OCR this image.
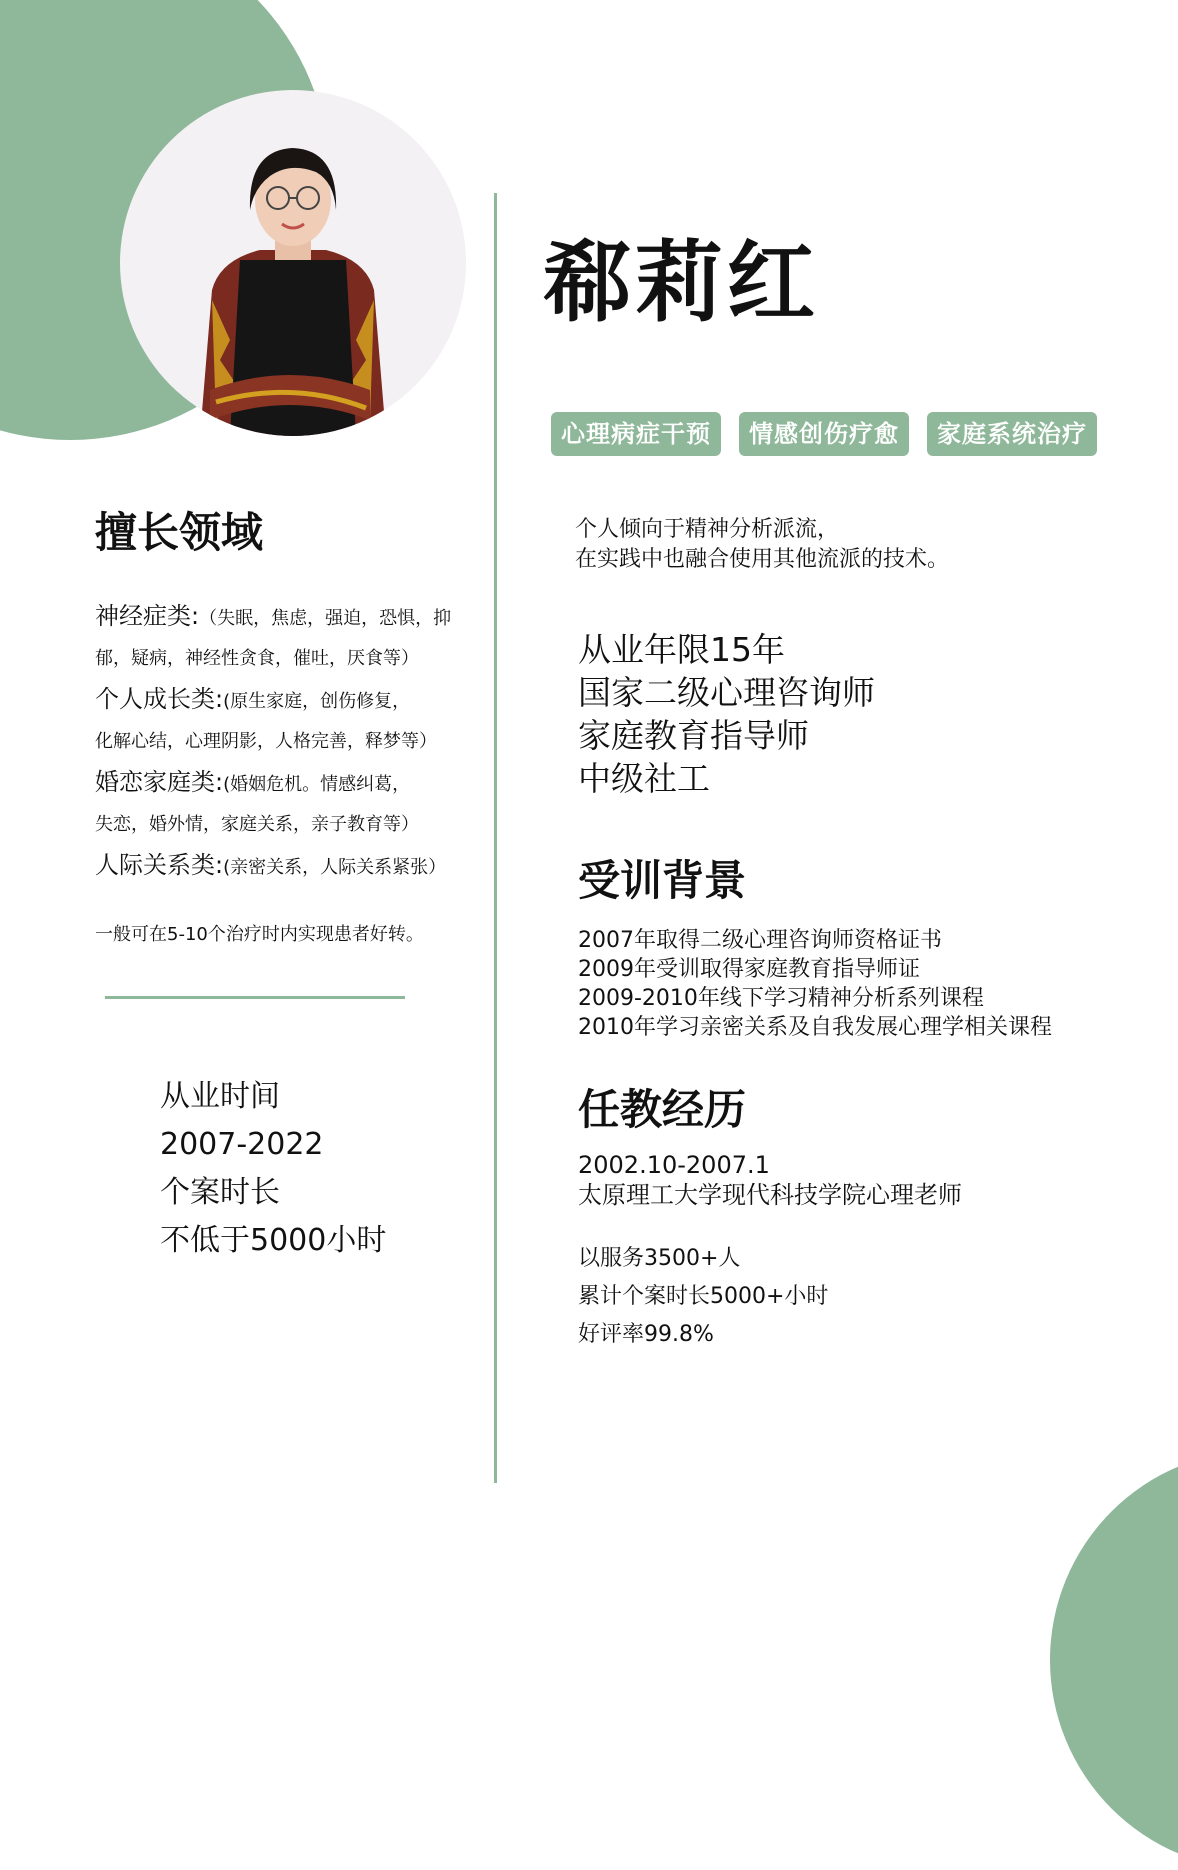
郗莉红
心理病症干预	情感创伤疗愈	家庭系统治疗
个人倾向于精神分析派流，
在实践中也融合使用其他流派的技术。
从业年限15年
国家二级心理咨询师
家庭教育指导师
中级社工
受训背景
2007年取得二级心理咨询师资格证书
2009年受训取得家庭教育指导师证
2009-2010年线下学习精神分析系列课程
2010年学习亲密关系及自我发展心理学相关课程
任教经历
2002.10-2007.1
太原理工大学现代科技学院心理老师
以服务3500+人
累计个案时长5000+小时
好评率99.8%
擅长领域
神经症类:（失眠，焦虑，强迫，恐惧，抑
郁，疑病，神经性贪食，催吐，厌食等）
个人成长类:(原生家庭，创伤修复，
化解心结，心理阴影，人格完善，释梦等）
婚恋家庭类:(婚姻危机。情感纠葛，
失恋，婚外情，家庭关系，亲子教育等）
人际关系类:(亲密关系，人际关系紧张）
一般可在5-10个治疗时内实现患者好转。
从业时间
2007-2022
个案时长
不低于5000小时
